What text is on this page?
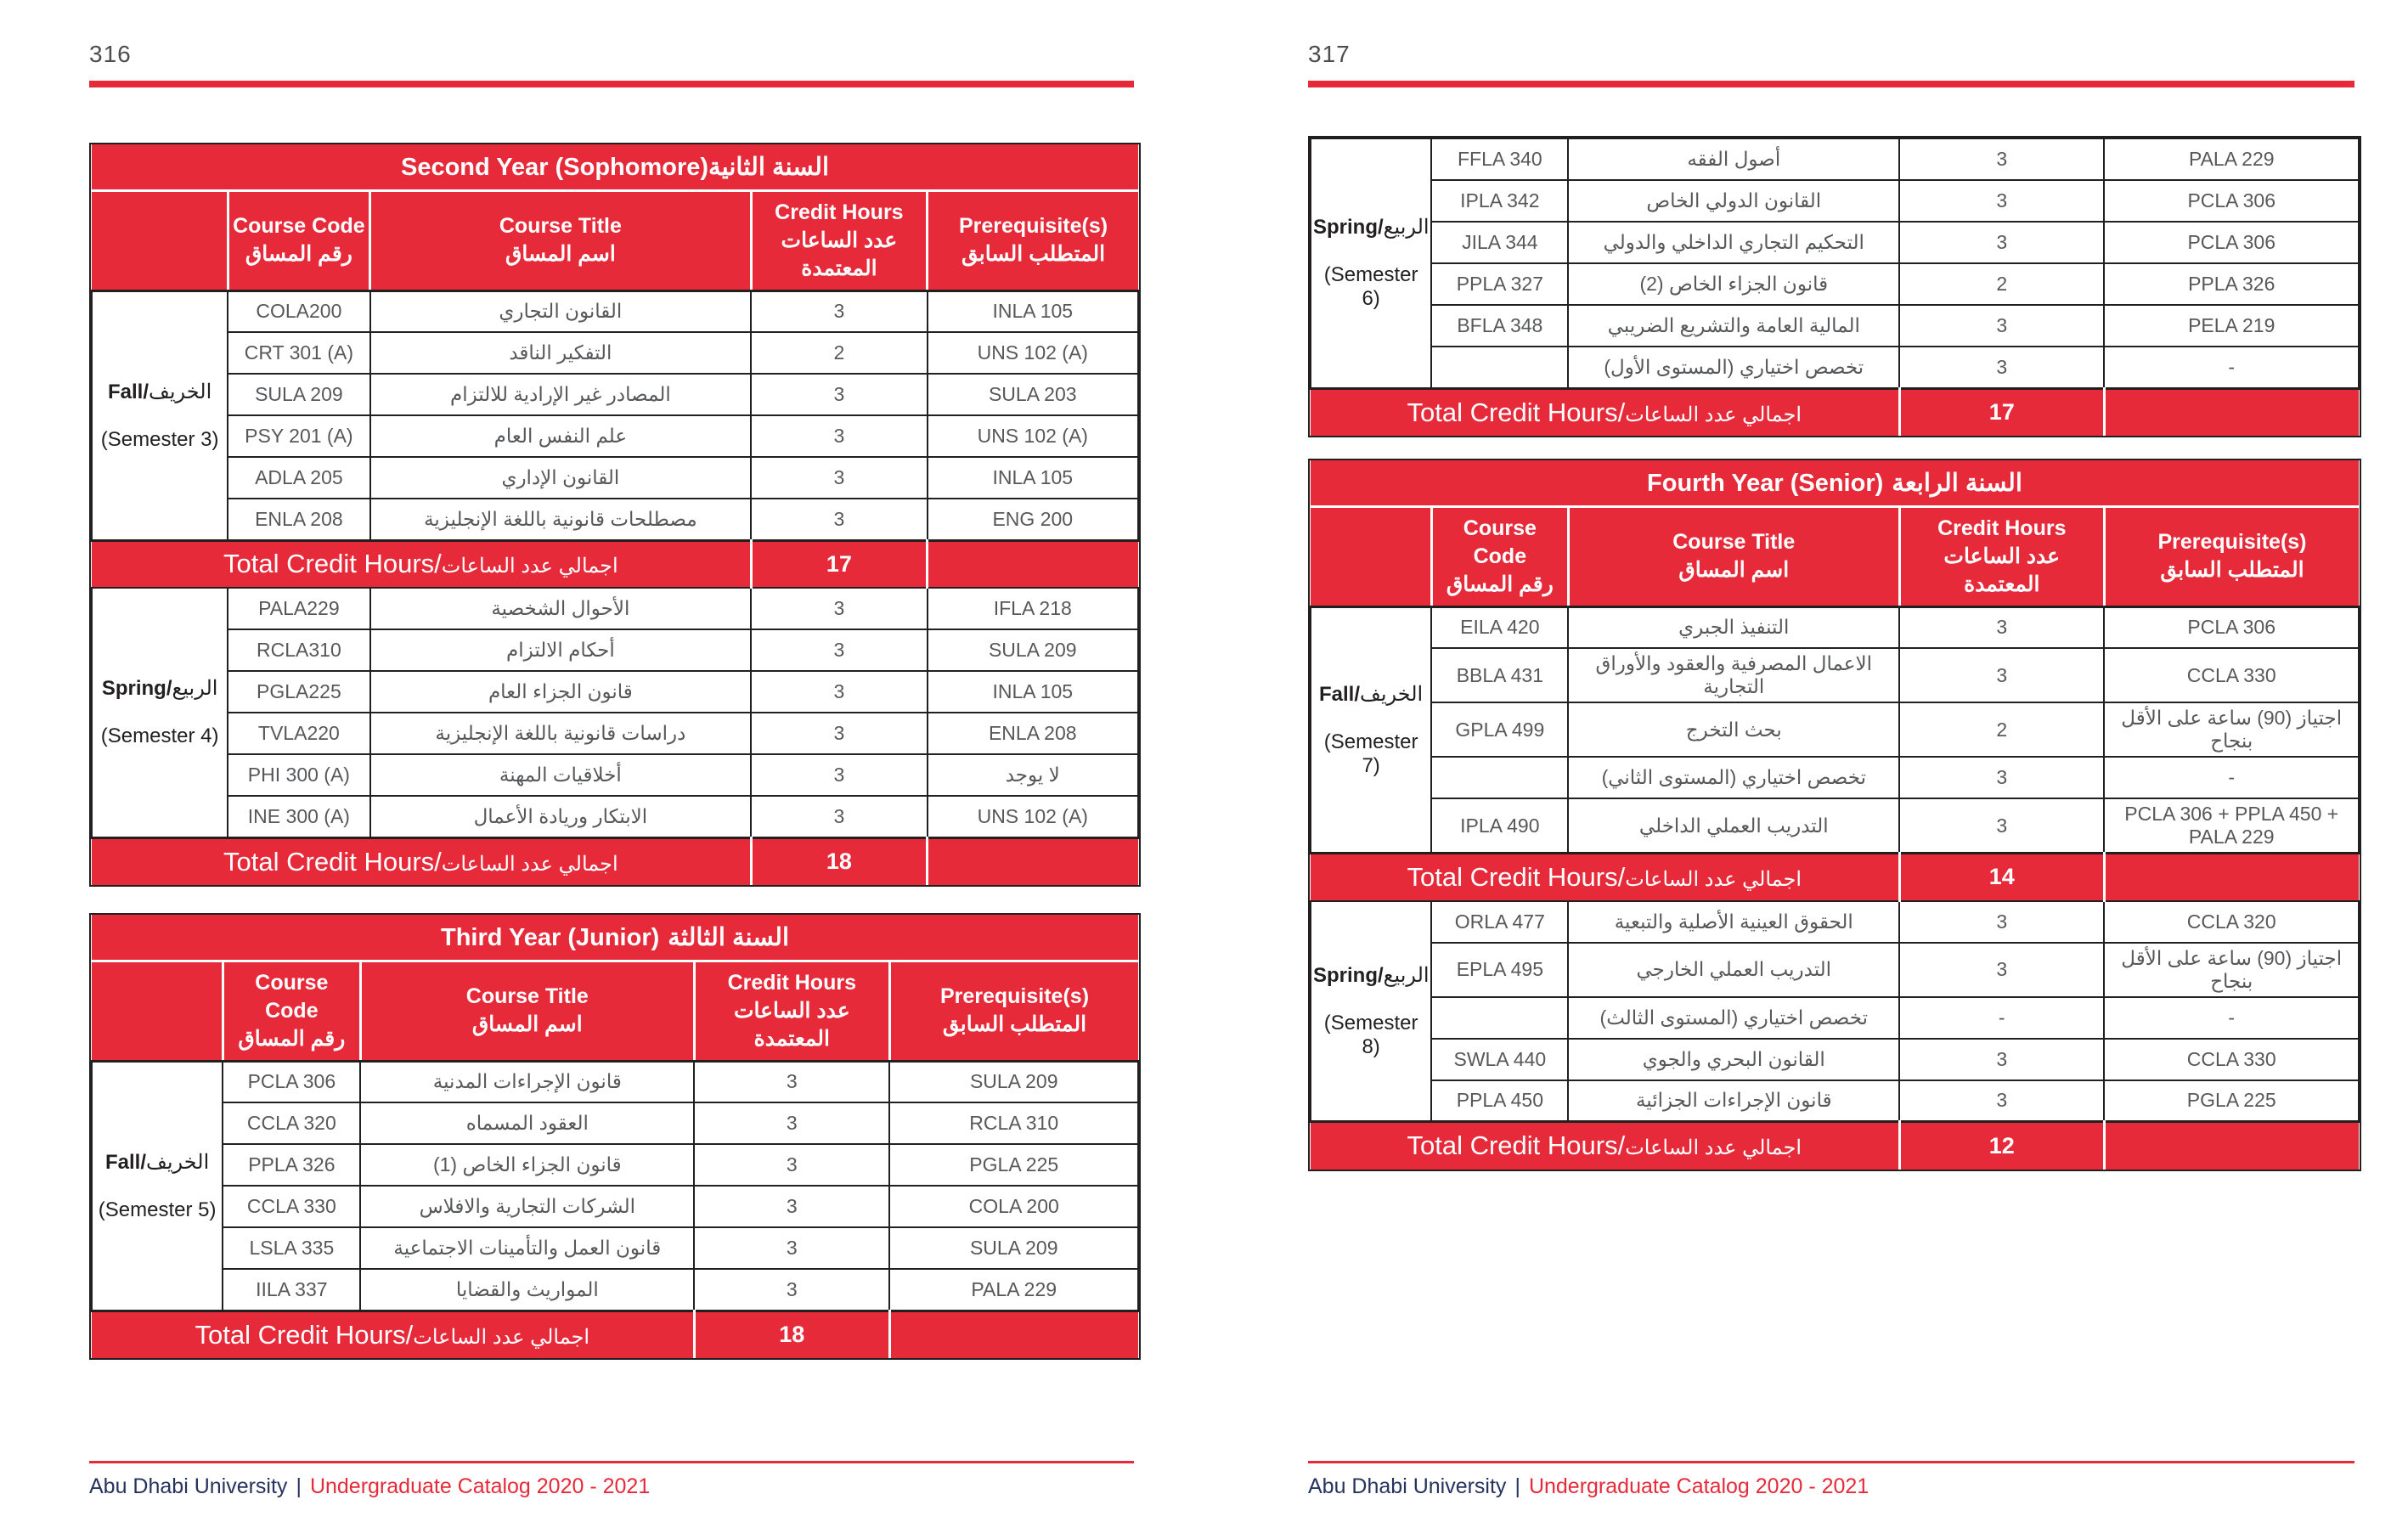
316
Second Year (Sophomore)السنة الثانية				

Course Code
رقم المساق

Course Title
اسم المساق

Credit Hours
عدد الساعات المعتمدة

Prerequisite(s)
المتطلب السابق

Fall/الخريف
(Semester 3)	COLA200	القانون التجاري	3	INLA 105
	CRT 301 (A)	التفكير الناقد	2	UNS 102 (A)
	SULA 209	المصادر غير الإرادية للالتزام	3	SULA 203
	PSY 201 (A)	علم النفس العام	3	UNS 102 (A)
	ADLA 205	القانون الإداري	3	INLA 105
	ENLA 208	مصطلحات قانونية باللغة الإنجليزية	3	ENG 200
Total Credit Hours/اجمالي عدد الساعات			17	

Spring/الربيع
(Semester 4)	PALA229	الأحوال الشخصية	3	IFLA 218
	RCLA310	أحكام الالتزام	3	SULA 209
	PGLA225	قانون الجزاء العام	3	INLA 105
	TVLA220	دراسات قانونية باللغة الإنجليزية	3	ENLA 208
	PHI 300 (A)	أخلاقيات المهنة	3	لا يوجد
	INE 300 (A)	الابتكار وريادة الأعمال	3	UNS 102 (A)
Total Credit Hours/اجمالي عدد الساعات			18	
Third Year (Junior) السنة الثالثة				

Course Code
رقم المساق

Course Title
اسم المساق

Credit Hours
عدد الساعات المعتمدة

Prerequisite(s)
المتطلب السابق

Fall/الخريف
(Semester 5)	PCLA 306	قانون الإجراءات المدنية	3	SULA 209
	CCLA 320	العقود المسماه	3	RCLA 310
	PPLA 326	قانون الجزاء الخاص (1)	3	PGLA 225
	CCLA 330	الشركات التجارية والافلاس	3	COLA 200
	LSLA 335	قانون العمل والتأمينات الاجتماعية	3	SULA 209
	IILA 337	المواريث والقضايا	3	PALA 229
Total Credit Hours/اجمالي عدد الساعات			18	
Abu Dhabi University | Undergraduate Catalog 2020 - 2021
317
Spring/الربيع
(Semester 6)	FFLA 340	أصول الفقه	3	PALA 229
	IPLA 342	القانون الدولي الخاص	3	PCLA 306
	JILA 344	التحكيم التجاري الداخلي والدولي	3	PCLA 306
	PPLA 327	قانون الجزاء الخاص (2)	2	PPLA 326
	BFLA 348	المالية العامة والتشريع الضريبي	3	PELA 219
		تخصص اختياري (المستوى الأول)	3	-
Total Credit Hours/اجمالي عدد الساعات			17	
Fourth Year (Senior) السنة الرابعة				

Course Code
رقم المساق

Course Title
اسم المساق

Credit Hours
عدد الساعات المعتمدة

Prerequisite(s)
المتطلب السابق

Fall/الخريف
(Semester 7)	EILA 420	التنفيذ الجبري	3	PCLA 306
	BBLA 431	الاعمال المصرفية والعقود والأوراق التجارية	3	CCLA 330
	GPLA 499	بحث التخرج	2	اجتياز (90) ساعة على الأقل بنجاح
		تخصص اختياري (المستوى الثاني)	3	-
	IPLA 490	التدريب العملي الداخلي	3	PCLA 306 + PPLA 450 + PALA 229
Total Credit Hours/اجمالي عدد الساعات			14	

Spring/الربيع
(Semester 8)	ORLA 477	الحقوق العينية الأصلية والتبعية	3	CCLA 320
	EPLA 495	التدريب العملي الخارجي	3	اجتياز (90) ساعة على الأقل بنجاح
		تخصص اختياري (المستوى الثالث)	-	-
	SWLA 440	القانون البحري والجوي	3	CCLA 330
	PPLA 450	قانون الإجراءات الجزائية	3	PGLA 225
Total Credit Hours/اجمالي عدد الساعات			12	
Abu Dhabi University | Undergraduate Catalog 2020 - 2021
